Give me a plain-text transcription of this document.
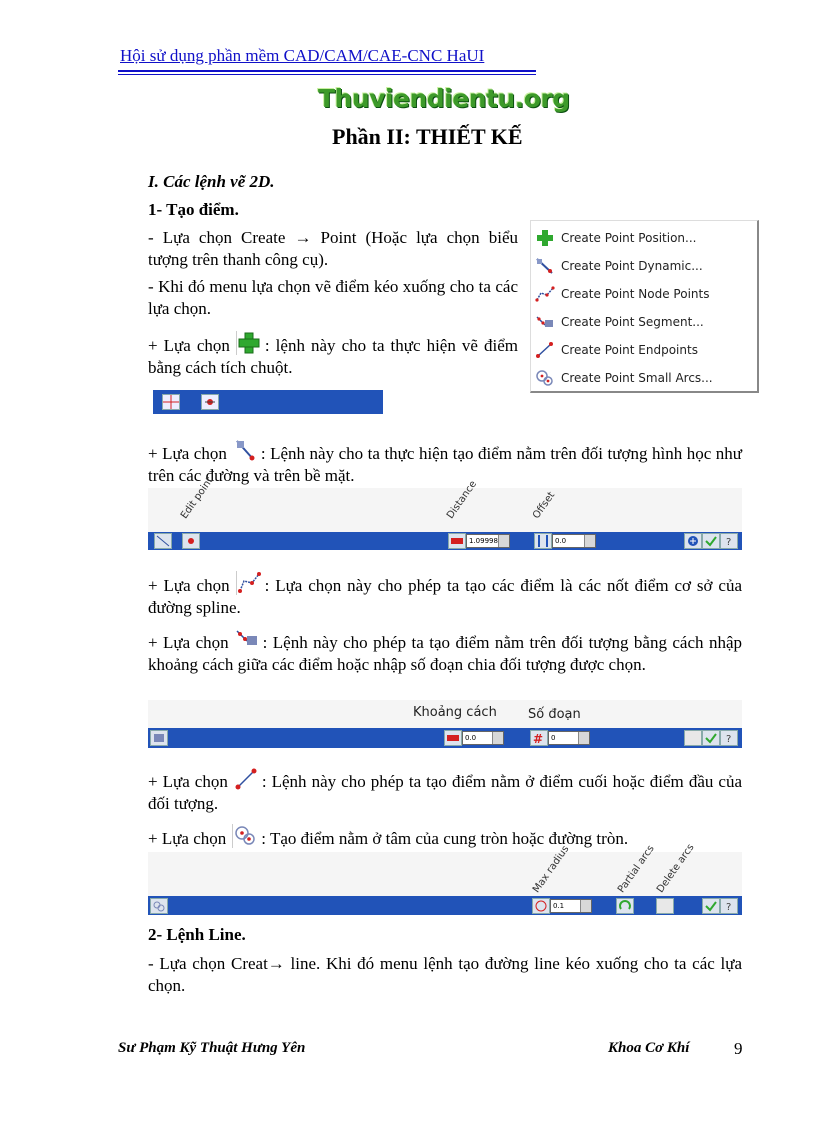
Hội sử dụng phần mềm CAD/CAM/CAE-CNC HaUI
Thuviendientu.org
Phần II: THIẾT KẾ
I. Các lệnh vẽ 2D.
1- Tạo điểm.
- Lựa chọn Create → Point (Hoặc lựa chọn biểu tượng trên thanh công cụ).
- Khi đó menu lựa chọn vẽ điểm kéo xuống cho ta các lựa chọn.
+ Lựa chọn : lệnh này cho ta thực hiện vẽ điểm bằng cách tích chuột.
Create Point Position...
Create Point Dynamic...
Create Point Node Points
Create Point Segment...
Create Point Endpoints
Create Point Small Arcs...
+ Lựa chọn : Lệnh này cho ta thực hiện tạo điểm nằm trên đối tượng hình học như trên các đường và trên bề mặt.
Edit point	Distance	Offset
1.09998	0.0	?
+ Lựa chọn : Lựa chọn này cho phép ta tạo các điểm là các nốt điểm cơ sở của đường spline.
+ Lựa chọn : Lệnh này cho phép ta tạo điểm nằm trên đối tượng bằng cách nhập khoảng cách giữa các điểm hoặc nhập số đoạn chia đối tượng được chọn.
Khoảng cách Số đoạn
0.0	#	0	?
+ Lựa chọn : Lệnh này cho phép ta tạo điểm nằm ở điểm cuối hoặc điểm đầu của đối tượng.
+ Lựa chọn : Tạo điểm nằm ở tâm của cung tròn hoặc đường tròn.
Max radius	Partial arcs
Delete arcs
0.1	?
2- Lệnh Line.
- Lựa chọn Creat→ line. Khi đó menu lệnh tạo đường line kéo xuống cho ta các lựa chọn.
Sư Phạm Kỹ Thuật Hưng Yên	Khoa Cơ Khí	9
